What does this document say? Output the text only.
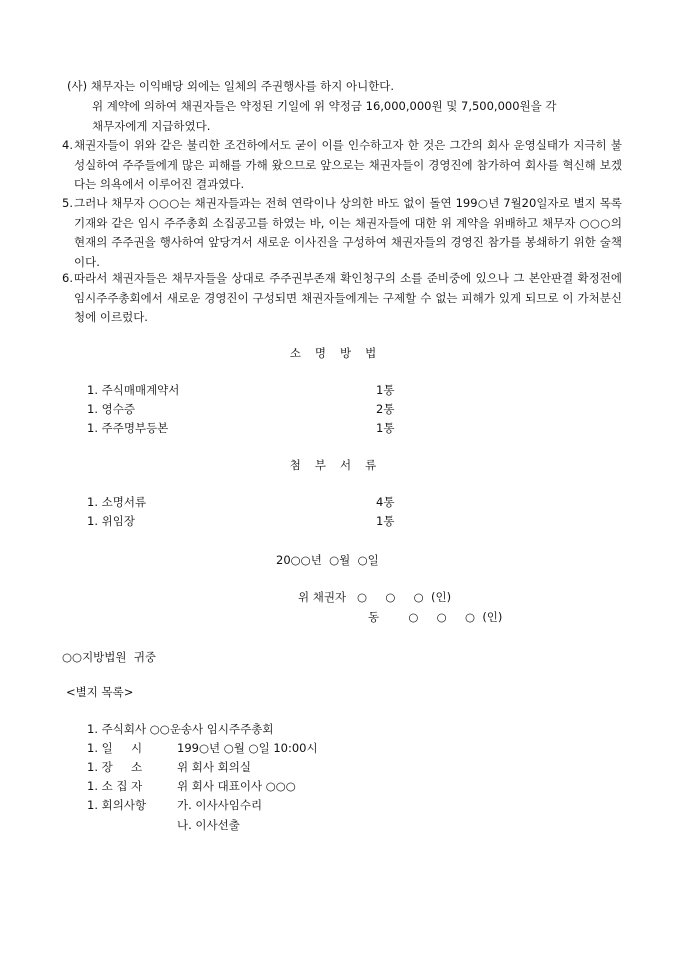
(사) 채무자는 이익배당 외에는 일체의 주권행사를 하지 아니한다.
위 계약에 의하여 채권자들은 약정된 기일에 위 약정금 16,000,000원 및 7,500,000원을 각
채무자에게 지급하였다.
4. 채권자들이 위와 같은 불리한 조건하에서도 굳이 이를 인수하고자 한 것은 그간의 회사 운영실태가 지극히 불성실하여 주주들에게 많은 피해를 가해 왔으므로 앞으로는 채권자들이 경영진에 참가하여 회사를 혁신해 보겠다는 의욕에서 이루어진 결과였다.
5. 그러나 채무자 ○○○는 채권자들과는 전혀 연락이나 상의한 바도 없이 돌연 199○년 7월20일자로 별지 목록 기재와 같은 임시 주주총회 소집공고를 하였는 바, 이는 채권자들에 대한 위 계약을 위배하고 채무자 ○○○의 현재의 주주권을 행사하여 앞당겨서 새로운 이사진을 구성하여 채권자들의 경영진 참가를 봉쇄하기 위한 술책이다.
6. 따라서 채권자들은 채무자들을 상대로 주주권부존재 확인청구의 소를 준비중에 있으나 그 본안판결 확정전에 임시주주총회에서 새로운 경영진이 구성되면 채권자들에게는 구제할 수 없는 피해가 있게 되므로 이 가처분신청에 이르렀다.
소명방법
1. 주식매매계약서	1통
1. 영수증	2통
1. 주주명부등본	1통
첨부서류
1. 소명서류	4통
1. 위임장	1통
20○○년  ○월  ○일
위 채권자   ○     ○     ○  (인)
동        ○     ○     ○  (인)
○○지방법원  귀중
<별지 목록>
1. 주식회사 ○○운송사 임시주주총회
1. 일     시	199○년 ○월 ○일 10:00시
1. 장     소	위 회사 회의실
1. 소 집 자	위 회사 대표이사 ○○○
1. 회의사항	가. 이사사임수리
나. 이사선출
